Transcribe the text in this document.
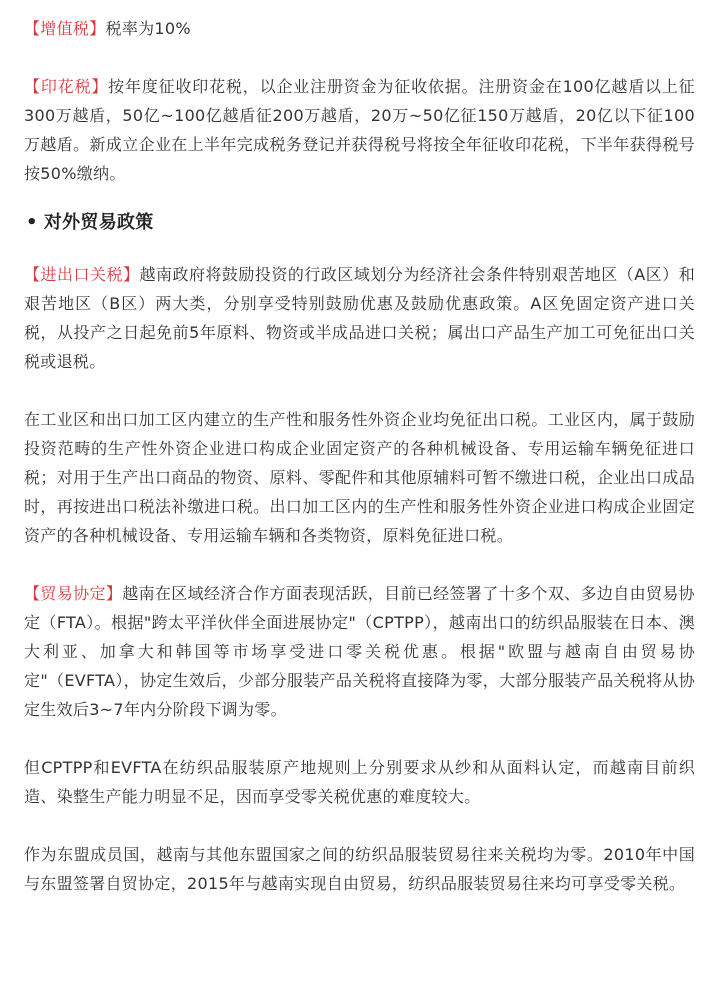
【增值税】税率为10%

【印花税】按年度征收印花税，以企业注册资金为征收依据。注册资金在100亿越盾以上征300万越盾，50亿~100亿越盾征200万越盾，20万~50亿征150万越盾，20亿以下征100万越盾。新成立企业在上半年完成税务登记并获得税号将按全年征收印花税，下半年获得税号按50%缴纳。

• 对外贸易政策

【进出口关税】越南政府将鼓励投资的行政区域划分为经济社会条件特别艰苦地区（A区）和艰苦地区（B区）两大类，分别享受特别鼓励优惠及鼓励优惠政策。A区免固定资产进口关税，从投产之日起免前5年原料、物资或半成品进口关税；属出口产品生产加工可免征出口关税或退税。

在工业区和出口加工区内建立的生产性和服务性外资企业均免征出口税。工业区内，属于鼓励投资范畴的生产性外资企业进口构成企业固定资产的各种机械设备、专用运输车辆免征进口税；对用于生产出口商品的物资、原料、零配件和其他原辅料可暂不缴进口税，企业出口成品时，再按进出口税法补缴进口税。出口加工区内的生产性和服务性外资企业进口构成企业固定资产的各种机械设备、专用运输车辆和各类物资，原料免征进口税。

【贸易协定】越南在区域经济合作方面表现活跃，目前已经签署了十多个双、多边自由贸易协定（FTA）。根据"跨太平洋伙伴全面进展协定"（CPTPP），越南出口的纺织品服装在日本、澳大利亚、加拿大和韩国等市场享受进口零关税优惠。根据"欧盟与越南自由贸易协定"（EVFTA），协定生效后，少部分服装产品关税将直接降为零，大部分服装产品关税将从协定生效后3~7年内分阶段下调为零。

但CPTPP和EVFTA在纺织品服装原产地规则上分别要求从纱和从面料认定，而越南目前织造、染整生产能力明显不足，因而享受零关税优惠的难度较大。

作为东盟成员国，越南与其他东盟国家之间的纺织品服装贸易往来关税均为零。2010年中国与东盟签署自贸协定，2015年与越南实现自由贸易，纺织品服装贸易往来均可享受零关税。
